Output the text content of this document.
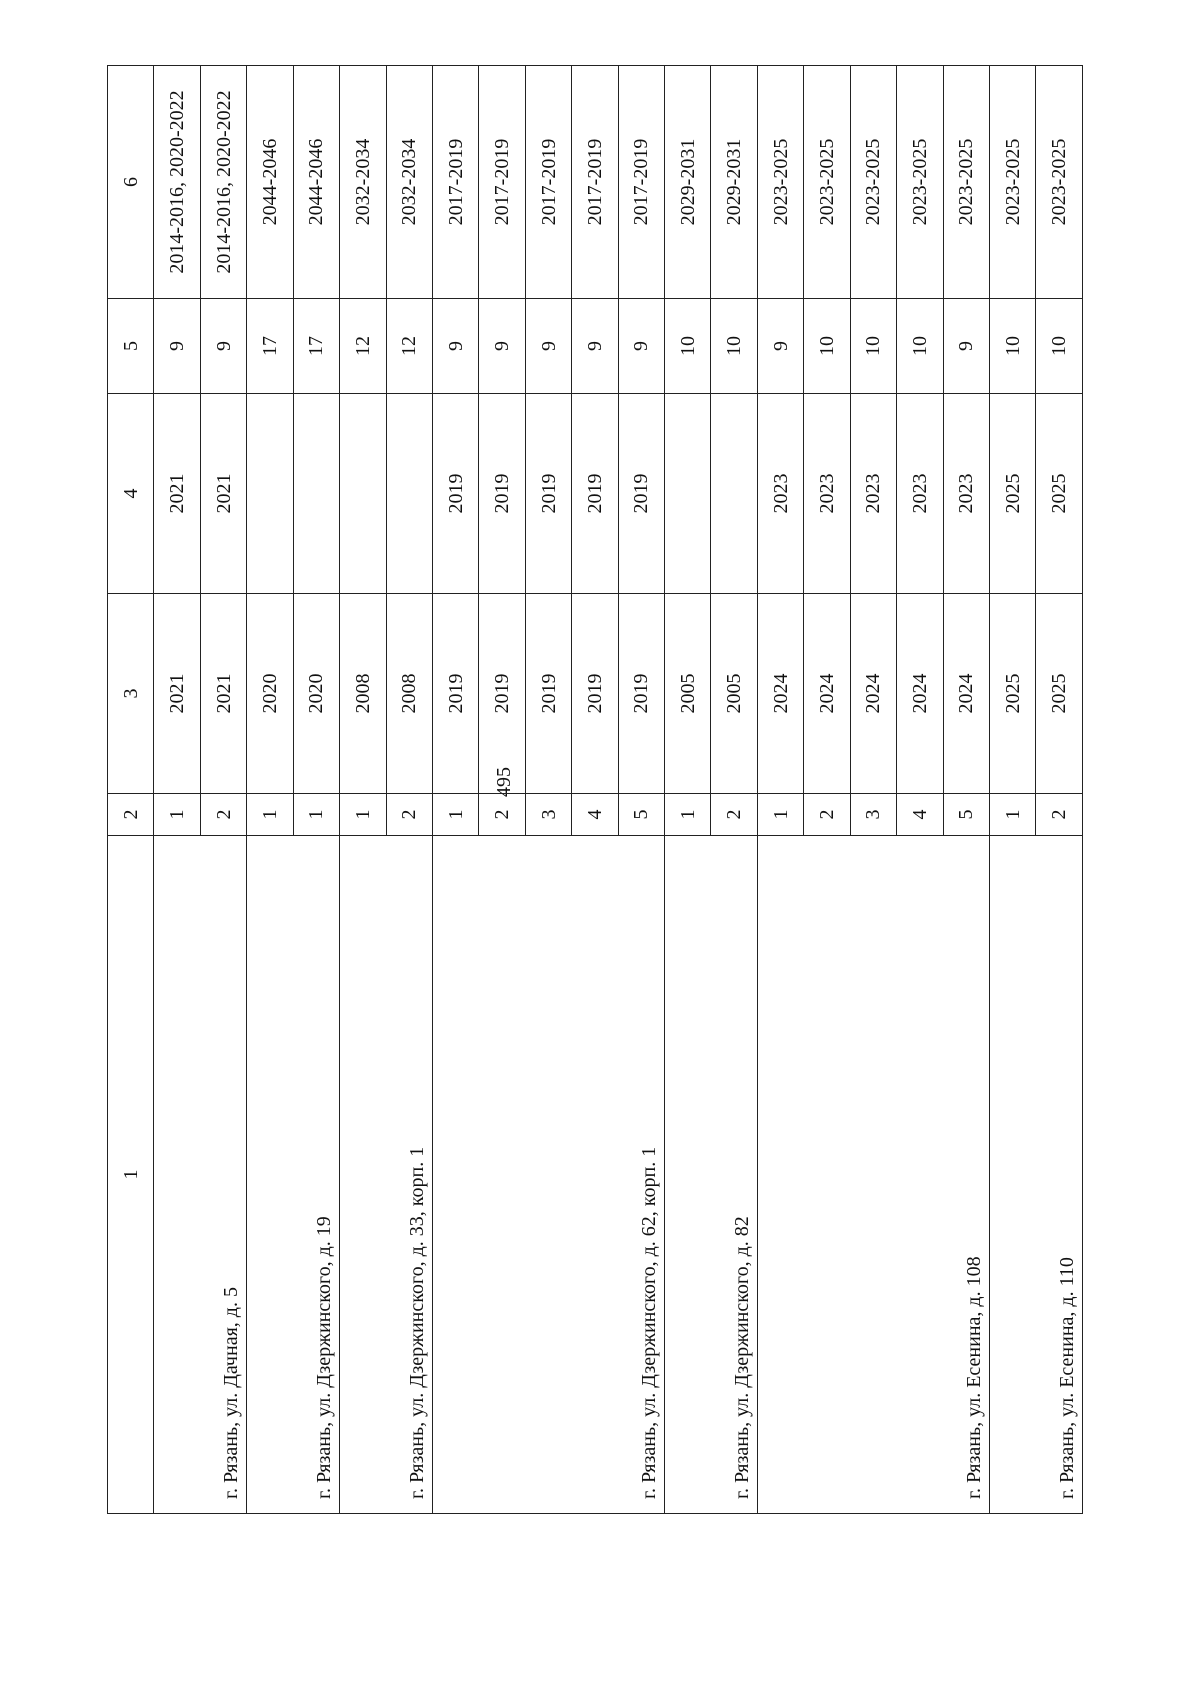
495
1	2	3	4	5	6
г. Рязань, ул. Дачная, д. 5	1	2021	2021	9	2014-2016, 2020-2022
	2	2021	2021	9	2014-2016, 2020-2022
г. Рязань, ул. Дзержинского, д. 19	1	2020		17	2044-2046
	1	2020		17	2044-2046
г. Рязань, ул. Дзержинского, д. 33, корп. 1	1	2008		12	2032-2034
	2	2008		12	2032-2034
г. Рязань, ул. Дзержинского, д. 62, корп. 1	1	2019	2019	9	2017-2019
	2	2019	2019	9	2017-2019
	3	2019	2019	9	2017-2019
	4	2019	2019	9	2017-2019
	5	2019	2019	9	2017-2019
г. Рязань, ул. Дзержинского, д. 82	1	2005		10	2029-2031
	2	2005		10	2029-2031
г. Рязань, ул. Есенина, д. 108	1	2024	2023	9	2023-2025
	2	2024	2023	10	2023-2025
	3	2024	2023	10	2023-2025
	4	2024	2023	10	2023-2025
	5	2024	2023	9	2023-2025
г. Рязань, ул. Есенина, д. 110	1	2025	2025	10	2023-2025
	2	2025	2025	10	2023-2025
